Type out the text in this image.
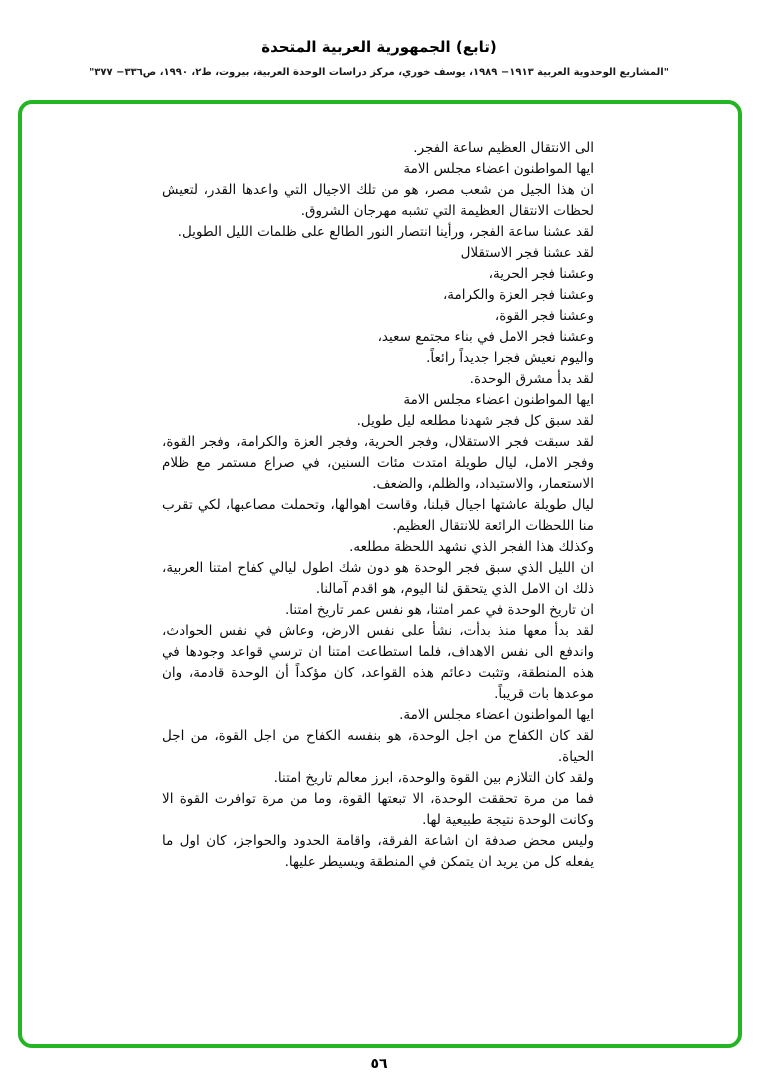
(تابع) الجمهورية العربية المتحدة
"المشاريع الوحدوية العربية ١٩١٣− ١٩٨٩، يوسف خوري، مركز دراسات الوحدة العربية، بيروت، ط٢، ١٩٩٠، ص٣٣٦− ٣٧٧"

الى الانتقال العظيم ساعة الفجر.

ايها المواطنون اعضاء مجلس الامة

ان هذا الجيل من شعب مصر، هو من تلك الاجيال التي واعدها القدر، لتعيش لحظات الانتقال العظيمة التي تشبه مهرجان الشروق.

لقد عشنا ساعة الفجر، ورأينا انتصار النور الطالع على ظلمات الليل الطويل.

لقد عشنا فجر الاستقلال

وعشنا فجر الحرية،

وعشنا فجر العزة والكرامة،

وعشنا فجر القوة،

وعشنا فجر الامل في بناء مجتمع سعيد،

واليوم نعيش فجرا جديداً رائعاً.

لقد بدأ مشرق الوحدة.

ايها المواطنون اعضاء مجلس الامة

لقد سبق كل فجر شهدنا مطلعه ليل طويل.

لقد سبقت فجر الاستقلال، وفجر الحرية، وفجر العزة والكرامة، وفجر القوة، وفجر الامل، ليال طويلة امتدت مئات السنين، في صراع مستمر مع ظلام الاستعمار، والاستبداد، والظلم، والضعف.

ليال طويلة عاشتها اجيال قبلنا، وقاست اهوالها، وتحملت مصاعبها، لكي تقرب منا اللحظات الرائعة للانتقال العظيم.

وكذلك هذا الفجر الذي نشهد اللحظة مطلعه.

ان الليل الذي سبق فجر الوحدة هو دون شك اطول ليالي كفاح امتنا العربية، ذلك ان الامل الذي يتحقق لنا اليوم، هو اقدم آمالنا.

ان تاريخ الوحدة في عمر امتنا، هو نفس عمر تاريخ امتنا.

لقد بدأ معها منذ بدأت، نشأ على نفس الارض، وعاش في نفس الحوادث، واندفع الى نفس الاهداف، فلما استطاعت امتنا ان ترسي قواعد وجودها في هذه المنطقة، وتثبت دعائم هذه القواعد، كان مؤكداً أن الوحدة قادمة، وان موعدها بات قريباً.

ايها المواطنون اعضاء مجلس الامة.

لقد كان الكفاح من اجل الوحدة، هو بنفسه الكفاح من اجل القوة، من اجل الحياة.

ولقد كان التلازم بين القوة والوحدة، ابرز معالم تاريخ امتنا.

فما من مرة تحققت الوحدة، الا تبعتها القوة، وما من مرة توافرت القوة الا وكانت الوحدة نتيجة طبيعية لها.

وليس محض صدفة ان اشاعة الفرقة، واقامة الحدود والحواجز، كان اول ما يفعله كل من يريد ان يتمكن في المنطقة ويسيطر عليها.

٥٦
